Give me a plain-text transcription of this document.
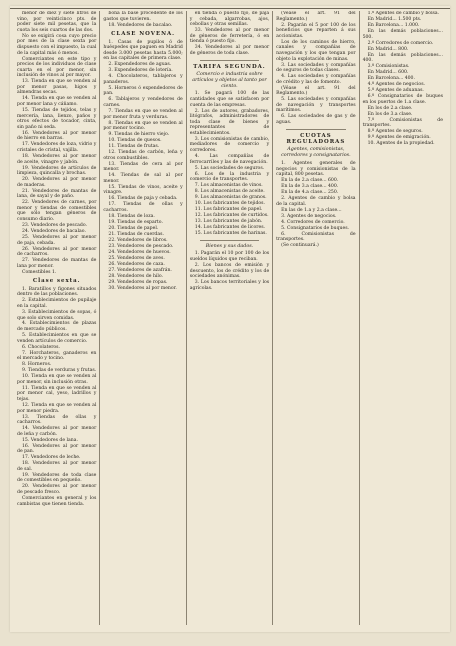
menor de diez y siete litros de vino, por veinticinco pts. de poder siete mil pesetas, que la cuota los seis cuartos de las dos.

No se exigirá cosa cuyo precio por mes de la clase sexta por dispuesto con el impuesto, la cual de la capital más ó menos.

Comerciantes en este tipo y precios de los individuos de clase cuarta en el por menor, sin inclusión de vinos al por mayor.

13. Tienda en que se venden al por menor pasas, higos y almendras secas.

14. Tienda en que se venden al por menor lana y cáñamo.

15. Tiendas de tejidos, telas y mercería, lana, lienzo, paños y otros efectos de tocador, cinta, sin paño ni seda.

16. Vendedores al por menor de hierro en barras.

17. Vendedores de loza, vidrio y cristales de cristal, vajilla.

18. Vendedores al por menor de aceite, vinagre y jabón.

19. Vendedores de artículos de limpieza, quincalla y brochas.

20. Vendedores al por menor de maderas.

21. Vendedores de mantas de lana, de sayal y de paño.

22. Vendedores de carnes, por menor y tiendas de comestibles que sólo tengan géneros de consumo diario.

23. Vendedores de pescado.

24. Vendedores de bacalao.

25. Vendedores al por menor de paja, cebada.

26. Vendedores al por menor de cacharros.

27. Vendedores de mantas de lana por menor.

Comestibles 1.

Clase sexta.

1. Baratillos y figones situados dentro de las poblaciones.

2. Establecimientos de pupilaje en la capital.

3. Establecimientos de sopas, ó que solo sirven comidas.

4. Establecimientos de plazas de mercado públicos.

5. Establecimientos en que se venden artículos de comercio.

6. Chocolateros.

7. Horchateros, ganaderos en el mercado y tocino.

8. Horneros.

9. Tiendas de verduras y frutas.

10. Tienda en que se venden al por menor, sin inclusión otras.

11. Tienda en que se venden al por menor cal, yeso, ladrillos y tejas.

12. Tienda en que se venden al por menor piedra.

13. Tiendas de ollas y cacharros.

14. Vendedores al por menor de leña y carbón.

15. Vendedores de lana.

16. Vendedores al por menor de pan.

17. Vendedores de leche.

18. Vendedores al por menor de sal.

19. Vendedores de toda clase de comestibles en pequeño.

20. Vendedores al por menor de pescado fresco.

Comerciantes en general y los cambistas que tienen tienda.

bona la base procedente de los gastos que tuvieren.

18. Vendedores de bacalao.

CLASE NOVENA.

1. Casas de pupilos ó de huéspedes que paguen en Madrid desde 3.000 pesetas hasta 5.000; en las capitales de primera clase.

2. Expendedores de aguas.

3. Expendedores de lotería.

4. Chocolateros, tablajeros y panaderos.

5. Horneros ó expendedores de pan.

6. Tablajeros y vendedores de carnes.

7. Tiendas en que se venden al por menor fruta y verduras.

8. Tiendas en que se venden al por menor tocino.

9. Tiendas de hierro viejo.

10. Tiendas de quesos.

11. Tiendas de frutas.

12. Tiendas de carbón, leña y otros combustibles.

13. Tiendas de cera al por menor.

14. Tiendas de sal al por menor.

15. Tiendas de vinos, aceite y vinagre.

16. Tiendas de paja y cebada.

17. Tiendas de ollas y cacharros.

18. Tiendas de loza.

19. Tiendas de esparto.

20. Tiendas de papel.

21. Tiendas de cuerdas.

22. Vendedores de libros.

23. Vendedores de pescado.

24. Vendedores de huevos.

25. Vendedores de aves.

26. Vendedores de caza.

27. Vendedores de azafrán.

28. Vendedores de hilo.

29. Vendedores de ropas.

30. Vendedores al por menor.

en tienda ó puesto fijo, de paja y cebada, algarrobas, ajos, cebollas y otras semillas.

33. Vendedores al por menor de géneros de ferretería, ó en tienda ó puesto fijo.

34. Vendedores al por menor de géneros de toda clase.

TARIFA SEGUNDA.
Comercio e industria sobre artículos y objetos al tanto por ciento.

1. Se pagará 100 de las cantidades que se satisfacen por cuenta de las empresas.

2. Los de autores, grabadores, litógrafos, administradores de toda clase de bienes y representantes de establecimientos.

3. Los comisionistas de cambio, mediadores de comercio y corredores.

4. Las compañías de ferrocarriles y las de navegación.

5. Las sociedades de seguros.

6. Los de la industria y comercio de transportes.

7. Los almacenistas de vinos.

8. Los almacenistas de aceite.

9. Los almacenistas de granos.

10. Los fabricantes de tejidos.

11. Los fabricantes de papel.

12. Los fabricantes de curtidos.

13. Los fabricantes de jabón.

14. Los fabricantes de licores.

15. Los fabricantes de harinas.

Bienes y sus dados.

1. Pagarán el 10 por 100 de los sueldos líquidos que reciban.

2. Los bancos de emisión y descuento, los de crédito y los de sociedades anónimas.

3. Los bancos territoriales y los agrícolas.

(Véase el art. 91 del Reglamento.)

2. Pagarán el 5 por 100 de los beneficios que reparten á sus accionistas.

Los de los caminos de hierro, canales y compañías de navegación y los que tengan por objeto la explotación de minas.

3. Las sociedades y compañías de seguros de todas clases.

4. Las sociedades y compañías de crédito y las de fomento.

(Véase el art. 91 del Reglamento.)

5. Las sociedades y compañías de navegación y transportes marítimos.

6. Las sociedades de gas y de aguas.

CUOTAS REGULADORAS
Agentes, comisionistas, corredores y consignatarios.

1. Agentes generales de negocios y comisionistas de la capital, 800 pesetas.

En la de 2.a clase... 600.

En la de 3.a clase... 400.

En la de 4.a clase... 250.

2. Agentes de cambio y bolsa de la capital.

En las de 1.a y 2.a clase...

3. Agentes de negocios.

4. Corredores de comercio.

5. Consignatarios de buques.

6. Comisionistas de transportes.

(Se continuará.)

1.º Agentes de cambio y bolsa.

En Madrid... 1.500 pts.

En Barcelona... 1.000.

En las demás poblaciones... 500.

2.º Corredores de comercio.

En Madrid... 800.

En las demás poblaciones... 400.

3.º Comisionistas.

En Madrid... 600.

En Barcelona... 400.

4.º Agentes de negocios.

5.º Agentes de aduanas.

6.º Consignatarios de buques en los puertos de 1.a clase.

En los de 2.a clase.

En los de 3.a clase.

7.º Comisionistas de transportes.

8.º Agentes de seguros.

9.º Agentes de emigración.

10. Agentes de la propiedad.
